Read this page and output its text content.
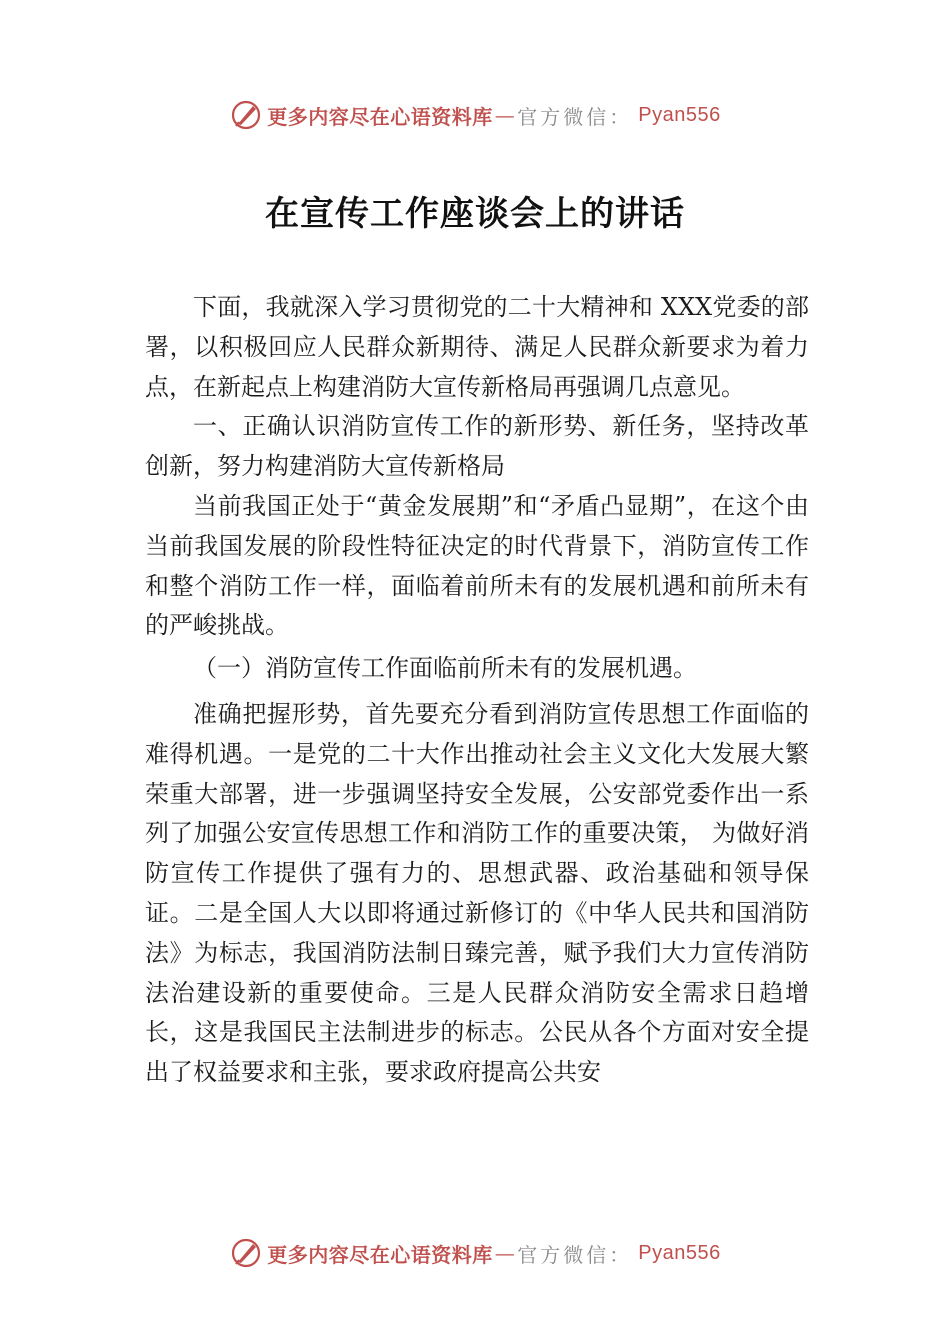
更多内容尽在心语资料库 — 官方微信： Pyan556
在宣传工作座谈会上的讲话

下面，我就深入学习贯彻党的二十大精神和 XXX党委的部署，以积极回应人民群众新期待、满足人民群众新要求为着力点，在新起点上构建消防大宣传新格局再强调几点意见。

一、正确认识消防宣传工作的新形势、新任务，坚持改革创新，努力构建消防大宣传新格局

当前我国正处于“黄金发展期”和“矛盾凸显期”，在这个由当前我国发展的阶段性特征决定的时代背景下，消防宣传工作和整个消防工作一样，面临着前所未有的发展机遇和前所未有的严峻挑战。

（一）消防宣传工作面临前所未有的发展机遇。

准确把握形势，首先要充分看到消防宣传思想工作面临的难得机遇。一是党的二十大作出推动社会主义文化大发展大繁荣重大部署，进一步强调坚持安全发展，公安部党委作出一系列了加强公安宣传思想工作和消防工作的重要决策， 为做好消防宣传工作提供了强有力的、思想武器、政治基础和领导保证。二是全国人大以即将通过新修订的《中华人民共和国消防法》为标志，我国消防法制日臻完善，赋予我们大力宣传消防法治建设新的重要使命。三是人民群众消防安全需求日趋增长，这是我国民主法制进步的标志。公民从各个方面对安全提出了权益要求和主张，要求政府提高公共安

更多内容尽在心语资料库 — 官方微信： Pyan556
